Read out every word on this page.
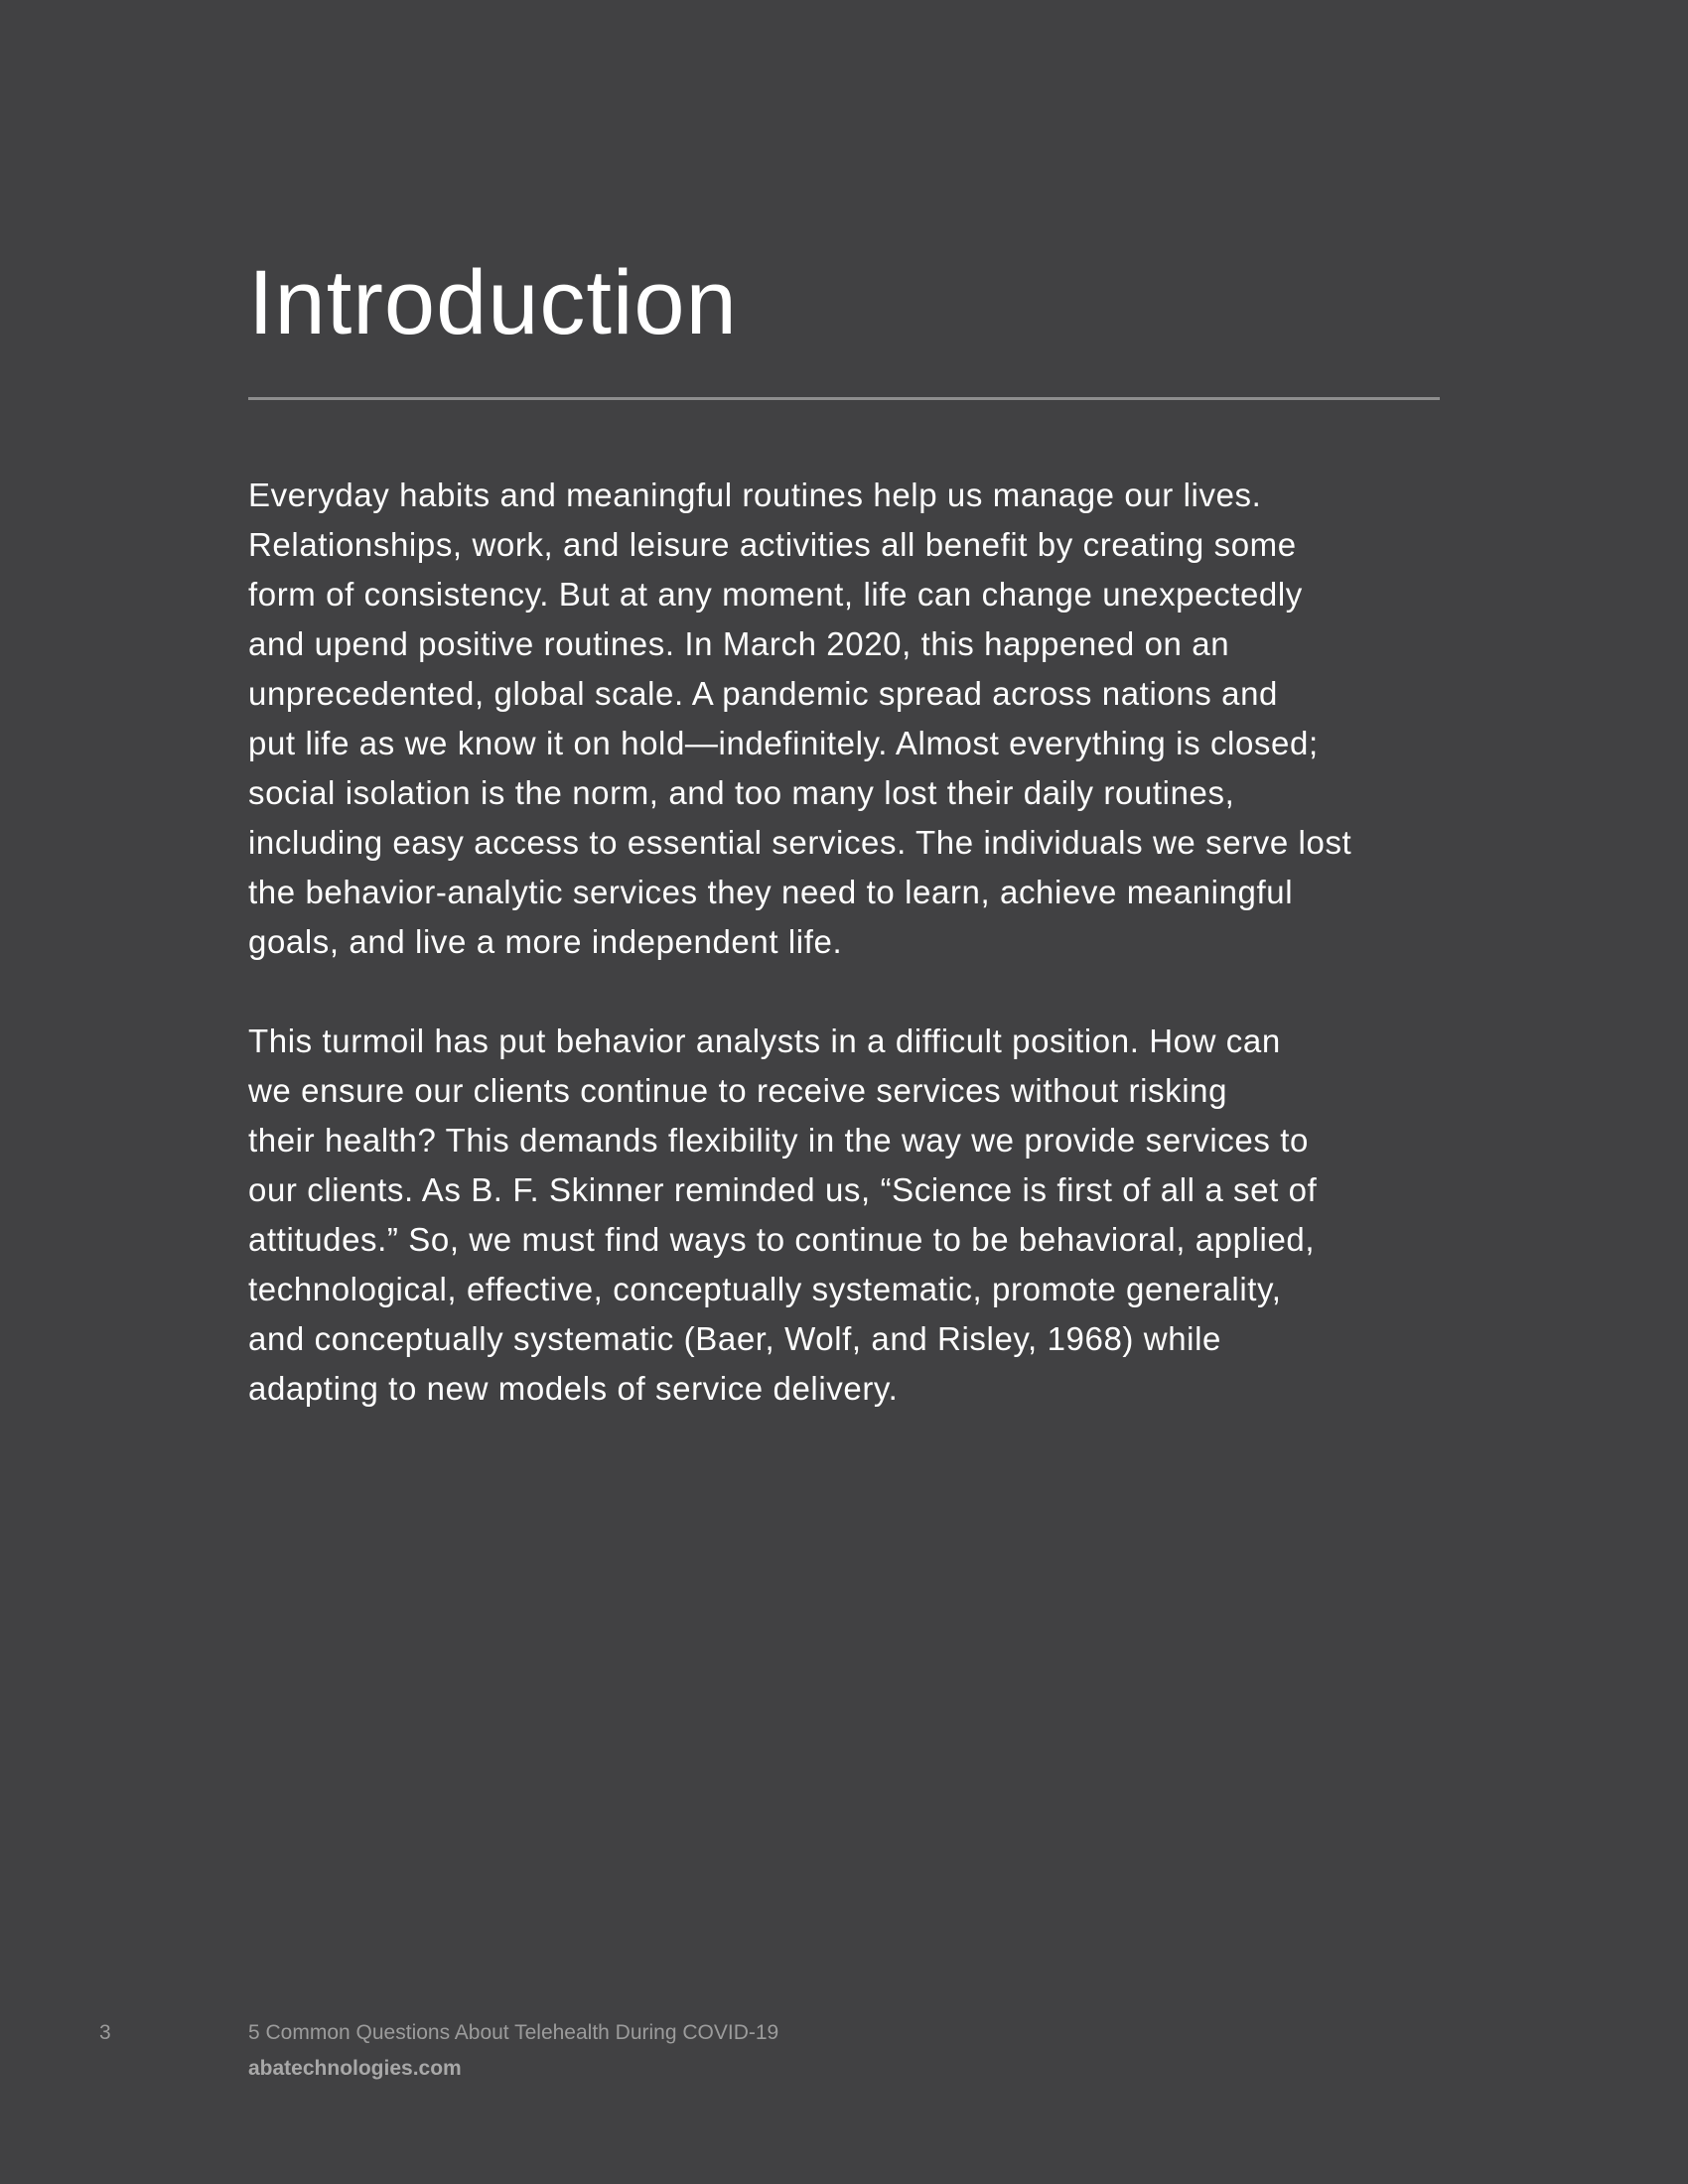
Introduction
Everyday habits and meaningful routines help us manage our lives.
Relationships, work, and leisure activities all benefit by creating some
form of consistency. But at any moment, life can change unexpectedly
and upend positive routines. In March 2020, this happened on an
unprecedented, global scale. A pandemic spread across nations and
put life as we know it on hold—indefinitely. Almost everything is closed;
social isolation is the norm, and too many lost their daily routines,
including easy access to essential services. The individuals we serve lost
the behavior-analytic services they need to learn, achieve meaningful
goals, and live a more independent life.
This turmoil has put behavior analysts in a difficult position. How can
we ensure our clients continue to receive services without risking
their health? This demands flexibility in the way we provide services to
our clients. As B. F. Skinner reminded us, “Science is first of all a set of
attitudes.” So, we must find ways to continue to be behavioral, applied,
technological, effective, conceptually systematic, promote generality,
and conceptually systematic (Baer, Wolf, and Risley, 1968) while
adapting to new models of service delivery.
3	5 Common Questions About Telehealth During COVID-19
abatechnologies.com
